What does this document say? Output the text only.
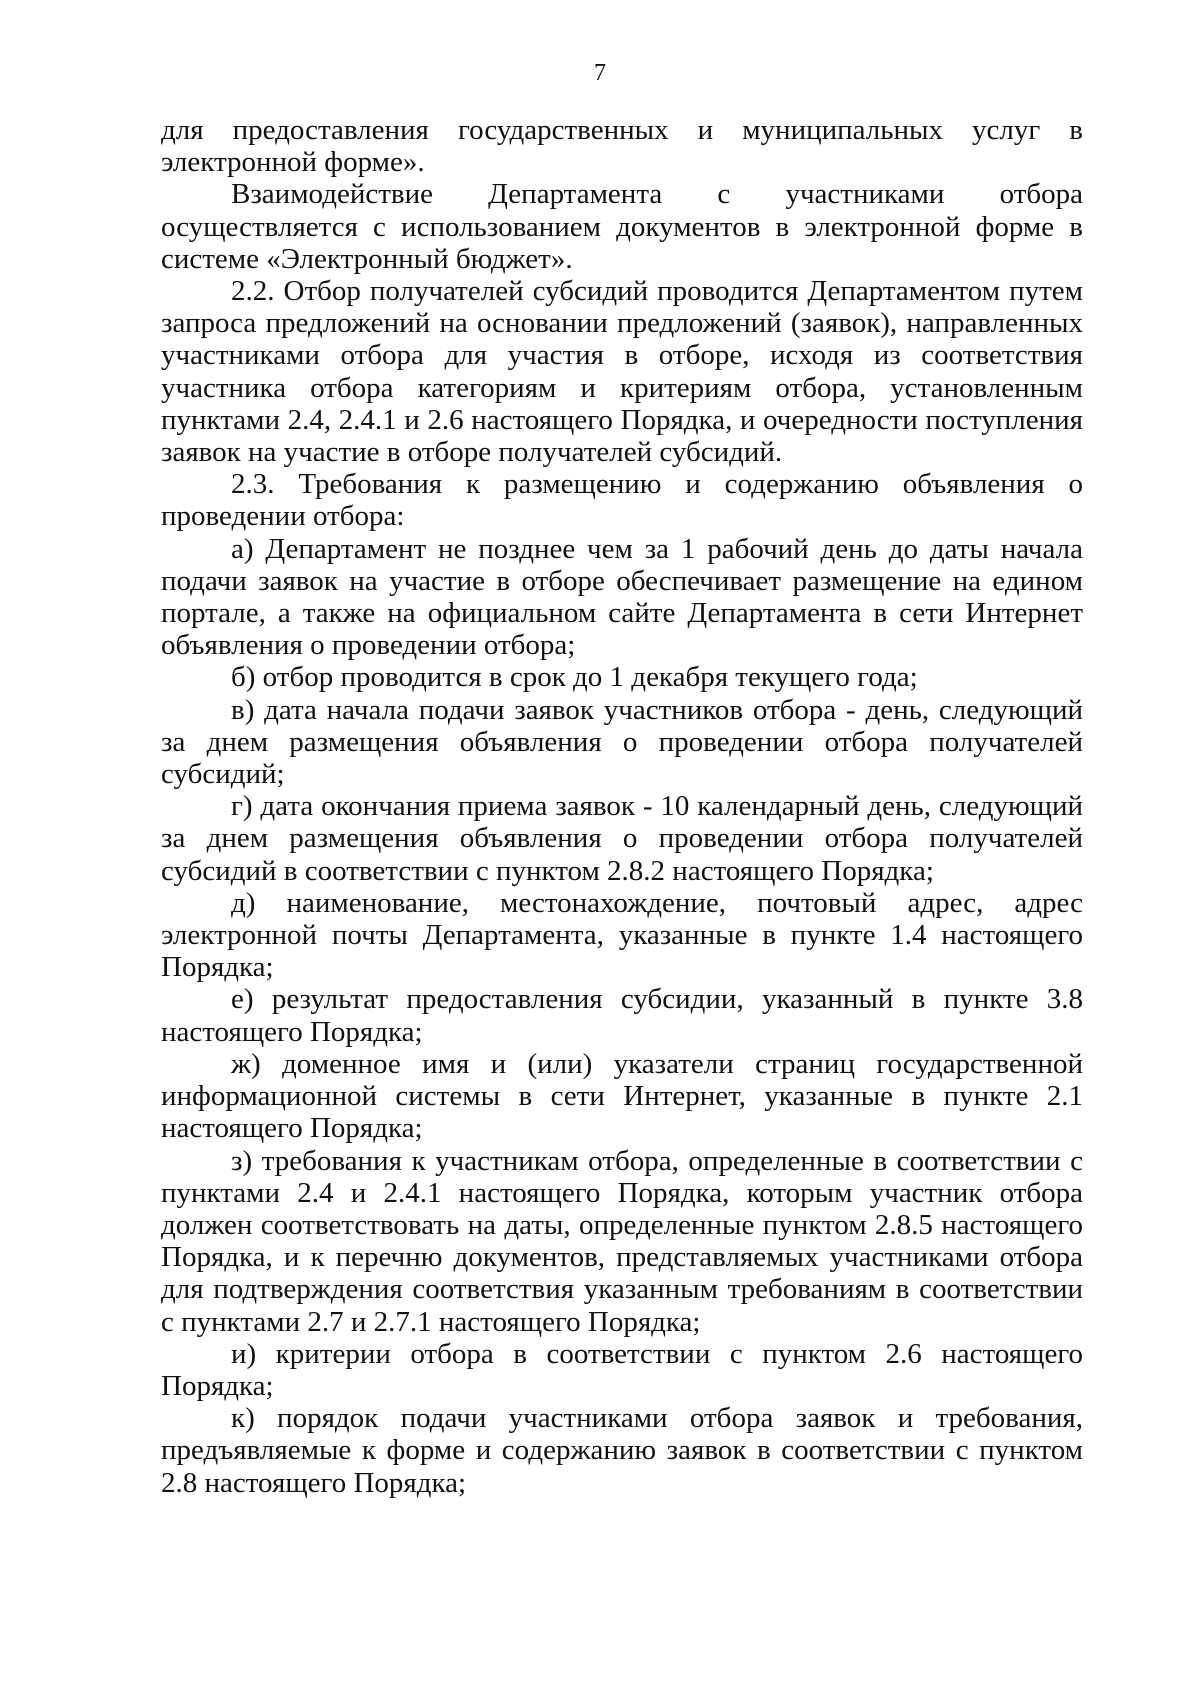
7

для предоставления государственных и муниципальных услуг в электронной форме».

Взаимодействие Департамента с участниками отбора осуществляется с использованием документов в электронной форме в системе «Электронный бюджет».

2.2. Отбор получателей субсидий проводится Департаментом путем запроса предложений на основании предложений (заявок), направленных участниками отбора для участия в отборе, исходя из соответствия участника отбора категориям и критериям отбора, установленным пунктами 2.4, 2.4.1 и 2.6 настоящего Порядка, и очередности поступления заявок на участие в отборе получателей субсидий.

2.3. Требования к размещению и содержанию объявления о проведении отбора:

а) Департамент не позднее чем за 1 рабочий день до даты начала подачи заявок на участие в отборе обеспечивает размещение на едином портале, а также на официальном сайте Департамента в сети Интернет объявления о проведении отбора;

б) отбор проводится в срок до 1 декабря текущего года;

в) дата начала подачи заявок участников отбора - день, следующий за днем размещения объявления о проведении отбора получателей субсидий;

г) дата окончания приема заявок - 10 календарный день, следующий за днем размещения объявления о проведении отбора получателей субсидий в соответствии с пунктом 2.8.2 настоящего Порядка;

д) наименование, местонахождение, почтовый адрес, адрес электронной почты Департамента, указанные в пункте 1.4 настоящего Порядка;

е) результат предоставления субсидии, указанный в пункте 3.8 настоящего Порядка;

ж) доменное имя и (или) указатели страниц государственной информационной системы в сети Интернет, указанные в пункте 2.1 настоящего Порядка;

з) требования к участникам отбора, определенные в соответствии с пунктами 2.4 и 2.4.1 настоящего Порядка, которым участник отбора должен соответствовать на даты, определенные пунктом 2.8.5 настоящего Порядка, и к перечню документов, представляемых участниками отбора для подтверждения соответствия указанным требованиям в соответствии с пунктами 2.7 и 2.7.1 настоящего Порядка;

и) критерии отбора в соответствии с пунктом 2.6 настоящего Порядка;

к) порядок подачи участниками отбора заявок и требования, предъявляемые к форме и содержанию заявок в соответствии с пунктом 2.8 настоящего Порядка;
